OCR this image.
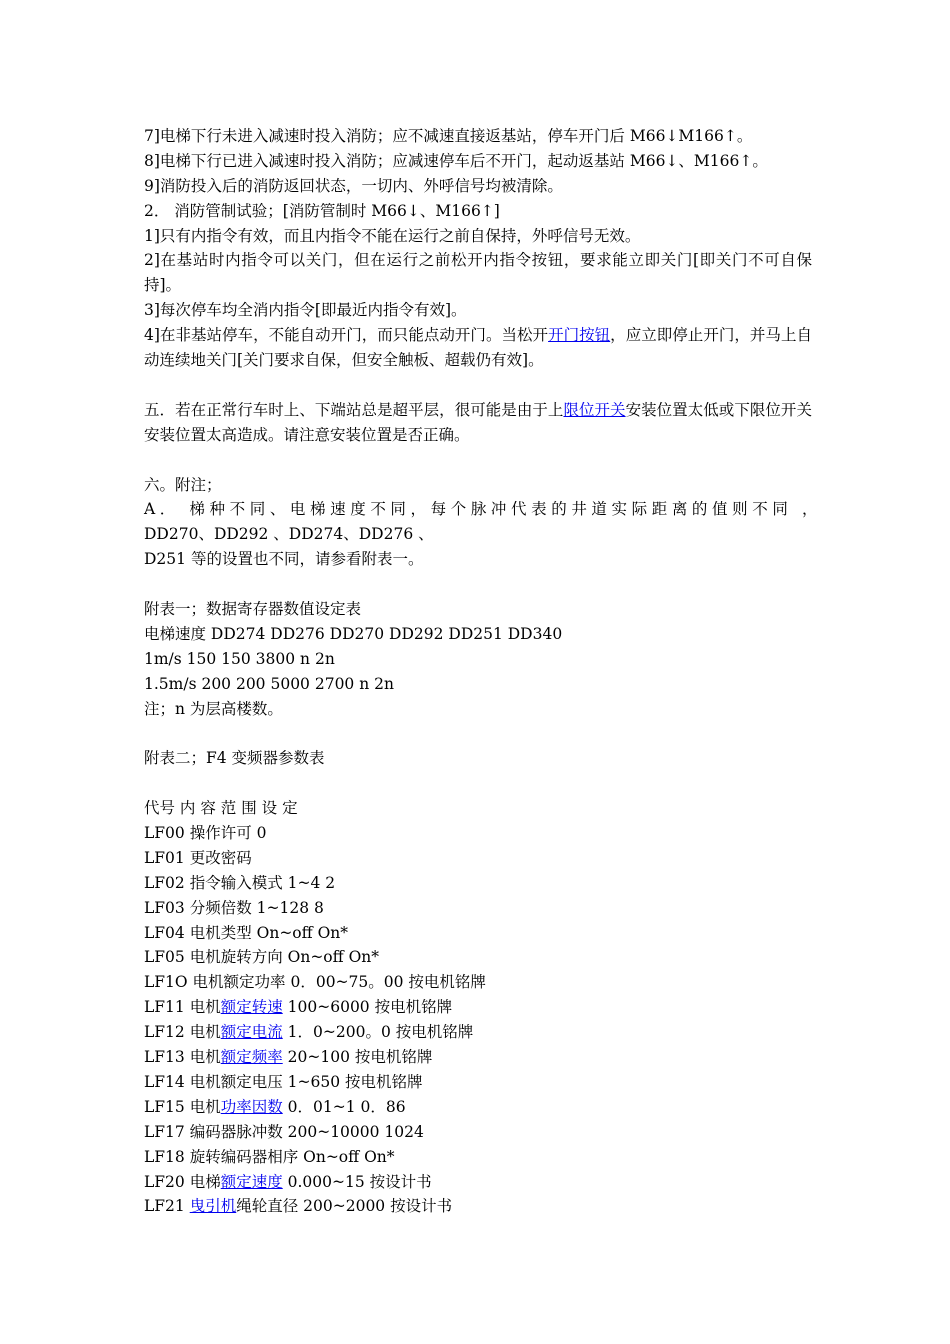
7]电梯下行未进入减速时投入消防；应不减速直接返基站，停车开门后 M66↓M166↑。
8]电梯下行已进入减速时投入消防；应减速停车后不开门，起动返基站 M66↓、M166↑。
9]消防投入后的消防返回状态，一切内、外呼信号均被清除。
2． 消防管制试验；[消防管制时 M66↓、M166↑]
1]只有内指令有效，而且内指令不能在运行之前自保持，外呼信号无效。
2]在基站时内指令可以关门，但在运行之前松开内指令按钮，要求能立即关门[即关门不可自保持]。
3]每次停车均全消内指令[即最近内指令有效]。
4]在非基站停车，不能自动开门，而只能点动开门。当松开开门按钮，应立即停止开门，并马上自动连续地关门[关门要求自保，但安全触板、超载仍有效]。
五．若在正常行车时上、下端站总是超平层，很可能是由于上限位开关安装位置太低或下限位开关安装位置太高造成。请注意安装位置是否正确。
六。附注；
A． 梯种不同、电梯速度不同，每个脉冲代表的井道实际距离的值则不同 ，
DD270、DD292 、DD274、DD276 、
D251 等的设置也不同，请参看附表一。
附表一；数据寄存器数值设定表
电梯速度 DD274 DD276 DD270 DD292 DD251 DD340
1m/s 150 150 3800 n 2n
1.5m/s 200 200 5000 2700 n 2n
注；n 为层高楼数。
附表二；F4 变频器参数表
代号 内 容 范 围 设 定
LF00 操作许可 0
LF01 更改密码
LF02 指令输入模式 1~4 2
LF03 分频倍数 1~128 8
LF04 电机类型 On~off On*
LF05 电机旋转方向 On~off On*
LF1O 电机额定功率 0．00~75。00 按电机铭牌
LF11 电机额定转速 100~6000 按电机铭牌
LF12 电机额定电流 1．0~200。0 按电机铭牌
LF13 电机额定频率 20~100 按电机铭牌
LF14 电机额定电压 1~650 按电机铭牌
LF15 电机功率因数 0．01~1 0．86
LF17 编码器脉冲数 200~10000 1024
LF18 旋转编码器相序 On~off On*
LF20 电梯额定速度 0.000~15 按设计书
LF21 曳引机绳轮直径 200~2000 按设计书
